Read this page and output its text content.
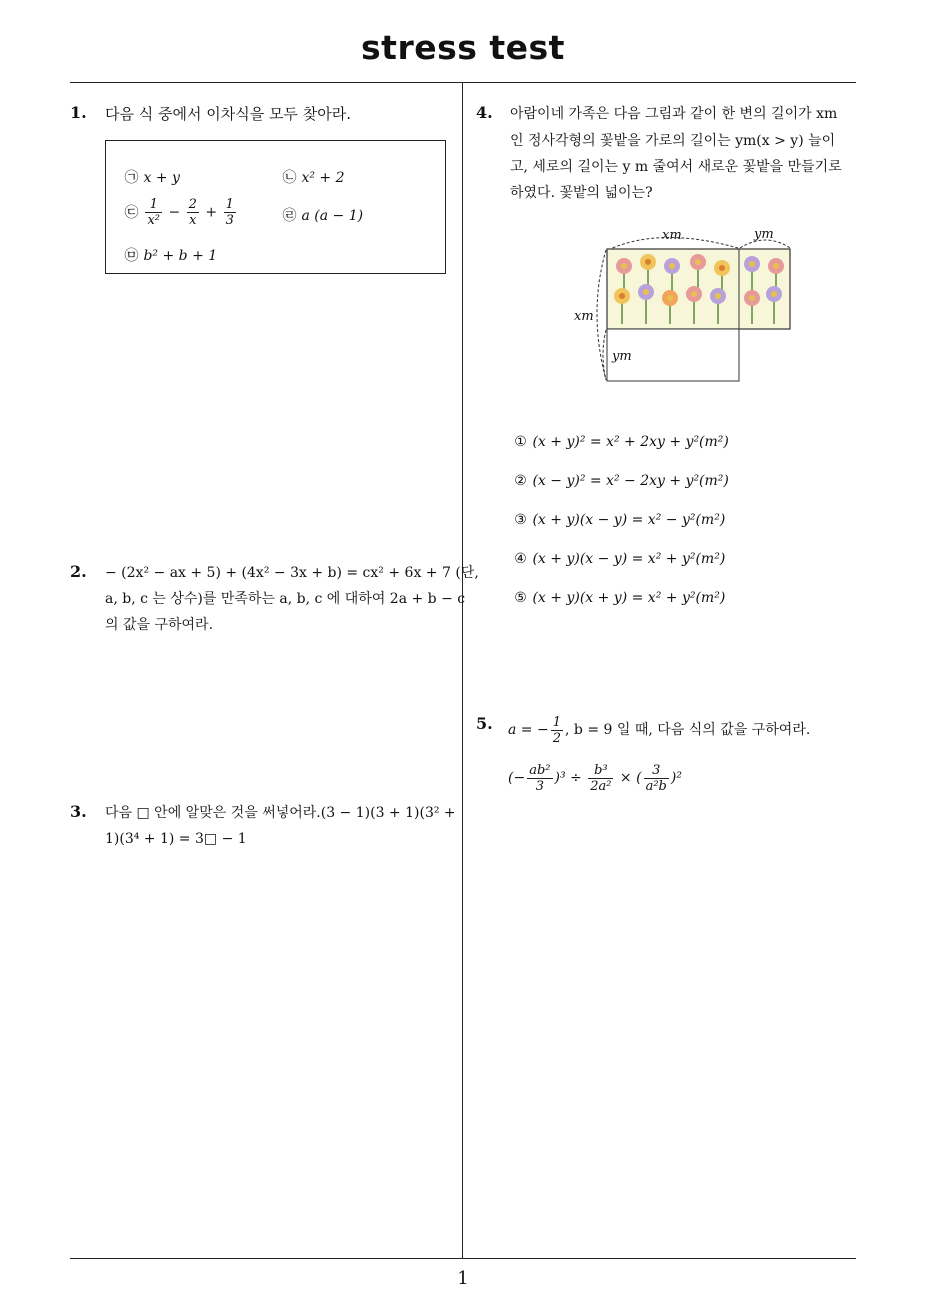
stress test
1. 다음 식 중에서 이차식을 모두 찾아라.
㉠ x + y	㉡ x² + 2
㉢ $\frac{1}{\text{x²}} - \frac{2}{x} + \frac{1}{3}$	㉣ a (a − 1)
㉤ b² + b + 1
2. − (2x² − ax + 5) + (4x² − 3x + b) = cx² + 6x + 7 (단,
a, b, c 는 상수)를 만족하는 a, b, c 에 대하여 2a + b − c
의 값을 구하여라.
3. 다음 □ 안에 알맞은 것을 써넣어라.(3 − 1)(3 + 1)(3² +
1)(3⁴ + 1) = 3□ − 1
4. 아람이네 가족은 다음 그림과 같이 한 변의 길이가 xm
인 정사각형의 꽃밭을 가로의 길이는 ym(x > y) 늘이
고, 세로의 길이는 y m 줄여서 새로운 꽃밭을 만들기로
하였다. 꽃밭의 넓이는?
xm	ym
xm
ym
① (x + y)² = x² + 2xy + y²(m²)
② (x − y)² = x² − 2xy + y²(m²)
③ (x + y)(x − y) = x² − y²(m²)
④ (x + y)(x − y) = x² + y²(m²)
⑤ (x + y)(x + y) = x² + y²(m²)
5. a = − $\frac{1}{2}$ , b = 9 일 때, 다음 식의 값을 구하여라.
(− $\frac{\text{ab²}}{3} )^3 \div \frac{\text{b³}}{\text{2a²}}$ × ( $\frac{3}{\text{a²b}} )^2$
1
